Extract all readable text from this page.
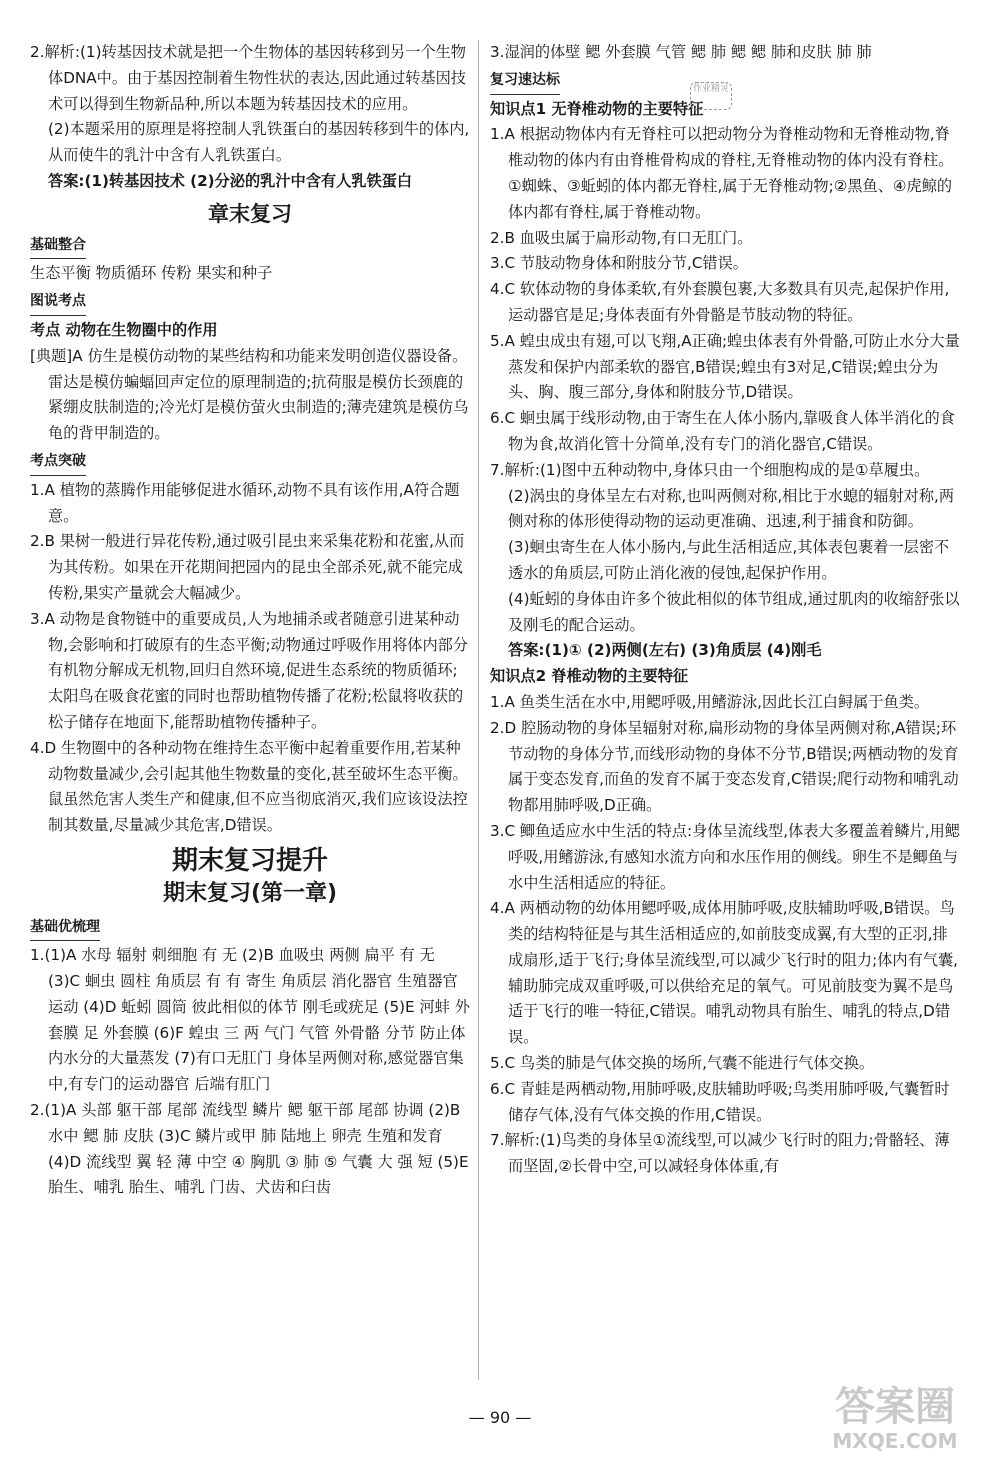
2.解析:(1)转基因技术就是把一个生物体的基因转移到另一个生物体DNA中。由于基因控制着生物性状的表达,因此通过转基因技术可以得到生物新品种,所以本题为转基因技术的应用。

(2)本题采用的原理是将控制人乳铁蛋白的基因转移到牛的体内,从而使牛的乳汁中含有人乳铁蛋白。

答案:(1)转基因技术 (2)分泌的乳汁中含有人乳铁蛋白

章末复习

基础整合

生态平衡 物质循环 传粉 果实和种子

图说考点

考点 动物在生物圈中的作用

[典题]A 仿生是模仿动物的某些结构和功能来发明创造仪器设备。雷达是模仿蝙蝠回声定位的原理制造的;抗荷服是模仿长颈鹿的紧绷皮肤制造的;冷光灯是模仿萤火虫制造的;薄壳建筑是模仿乌龟的背甲制造的。

考点突破

1.A 植物的蒸腾作用能够促进水循环,动物不具有该作用,A符合题意。

2.B 果树一般进行异花传粉,通过吸引昆虫来采集花粉和花蜜,从而为其传粉。如果在开花期间把园内的昆虫全部杀死,就不能完成传粉,果实产量就会大幅减少。

3.A 动物是食物链中的重要成员,人为地捕杀或者随意引进某种动物,会影响和打破原有的生态平衡;动物通过呼吸作用将体内部分有机物分解成无机物,回归自然环境,促进生态系统的物质循环;太阳鸟在吸食花蜜的同时也帮助植物传播了花粉;松鼠将收获的松子储存在地面下,能帮助植物传播种子。

4.D 生物圈中的各种动物在维持生态平衡中起着重要作用,若某种动物数量减少,会引起其他生物数量的变化,甚至破坏生态平衡。鼠虽然危害人类生产和健康,但不应当彻底消灭,我们应该设法控制其数量,尽量减少其危害,D错误。

期末复习提升

期末复习(第一章)

基础优梳理

1.(1)A 水母 辐射 刺细胞 有 无 (2)B 血吸虫 两侧 扁平 有 无 (3)C 蛔虫 圆柱 角质层 有 有 寄生 角质层 消化器官 生殖器官 运动 (4)D 蚯蚓 圆筒 彼此相似的体节 刚毛或疣足 (5)E 河蚌 外套膜 足 外套膜 (6)F 蝗虫 三 两 气门 气管 外骨骼 分节 防止体内水分的大量蒸发 (7)有口无肛门 身体呈两侧对称,感觉器官集中,有专门的运动器官 后端有肛门

2.(1)A 头部 躯干部 尾部 流线型 鳞片 鳃 躯干部 尾部 协调 (2)B 水中 鳃 肺 皮肤 (3)C 鳞片或甲 肺 陆地上 卵壳 生殖和发育 (4)D 流线型 翼 轻 薄 中空 ④ 胸肌 ③ 肺 ⑤ 气囊 大 强 短 (5)E 胎生、哺乳 胎生、哺乳 门齿、犬齿和臼齿

3.湿润的体壁 鳃 外套膜 气管 鳃 肺 鳃 鳃 肺和皮肤 肺 肺

复习速达标

知识点1 无脊椎动物的主要特征

1.A 根据动物体内有无脊柱可以把动物分为脊椎动物和无脊椎动物,脊椎动物的体内有由脊椎骨构成的脊柱,无脊椎动物的体内没有脊柱。①蜘蛛、③蚯蚓的体内都无脊柱,属于无脊椎动物;②黑鱼、④虎鲸的体内都有脊柱,属于脊椎动物。

2.B 血吸虫属于扁形动物,有口无肛门。

3.C 节肢动物身体和附肢分节,C错误。

4.C 软体动物的身体柔软,有外套膜包裹,大多数具有贝壳,起保护作用,运动器官是足;身体表面有外骨骼是节肢动物的特征。

5.A 蝗虫成虫有翅,可以飞翔,A正确;蝗虫体表有外骨骼,可防止水分大量蒸发和保护内部柔软的器官,B错误;蝗虫有3对足,C错误;蝗虫分为头、胸、腹三部分,身体和附肢分节,D错误。

6.C 蛔虫属于线形动物,由于寄生在人体小肠内,靠吸食人体半消化的食物为食,故消化管十分简单,没有专门的消化器官,C错误。

7.解析:(1)图中五种动物中,身体只由一个细胞构成的是①草履虫。

(2)涡虫的身体呈左右对称,也叫两侧对称,相比于水螅的辐射对称,两侧对称的体形使得动物的运动更准确、迅速,利于捕食和防御。

(3)蛔虫寄生在人体小肠内,与此生活相适应,其体表包裹着一层密不透水的角质层,可防止消化液的侵蚀,起保护作用。

(4)蚯蚓的身体由许多个彼此相似的体节组成,通过肌肉的收缩舒张以及刚毛的配合运动。

答案:(1)① (2)两侧(左右) (3)角质层 (4)刚毛

知识点2 脊椎动物的主要特征

1.A 鱼类生活在水中,用鳃呼吸,用鳍游泳,因此长江白鲟属于鱼类。

2.D 腔肠动物的身体呈辐射对称,扁形动物的身体呈两侧对称,A错误;环节动物的身体分节,而线形动物的身体不分节,B错误;两栖动物的发育属于变态发育,而鱼的发育不属于变态发育,C错误;爬行动物和哺乳动物都用肺呼吸,D正确。

3.C 鲫鱼适应水中生活的特点:身体呈流线型,体表大多覆盖着鳞片,用鳃呼吸,用鳍游泳,有感知水流方向和水压作用的侧线。卵生不是鲫鱼与水中生活相适应的特征。

4.A 两栖动物的幼体用鳃呼吸,成体用肺呼吸,皮肤辅助呼吸,B错误。鸟类的结构特征是与其生活相适应的,如前肢变成翼,有大型的正羽,排成扇形,适于飞行;身体呈流线型,可以减少飞行时的阻力;体内有气囊,辅助肺完成双重呼吸,可以供给充足的氧气。可见前肢变为翼不是鸟适于飞行的唯一特征,C错误。哺乳动物具有胎生、哺乳的特点,D错误。

5.C 鸟类的肺是气体交换的场所,气囊不能进行气体交换。

6.C 青蛙是两栖动物,用肺呼吸,皮肤辅助呼吸;鸟类用肺呼吸,气囊暂时储存气体,没有气体交换的作用,C错误。

7.解析:(1)鸟类的身体呈①流线型,可以减少飞行时的阻力;骨骼轻、薄而坚固,②长骨中空,可以减轻身体体重,有

作业精灵
— 90 —	答案圈
MXQE.COM
